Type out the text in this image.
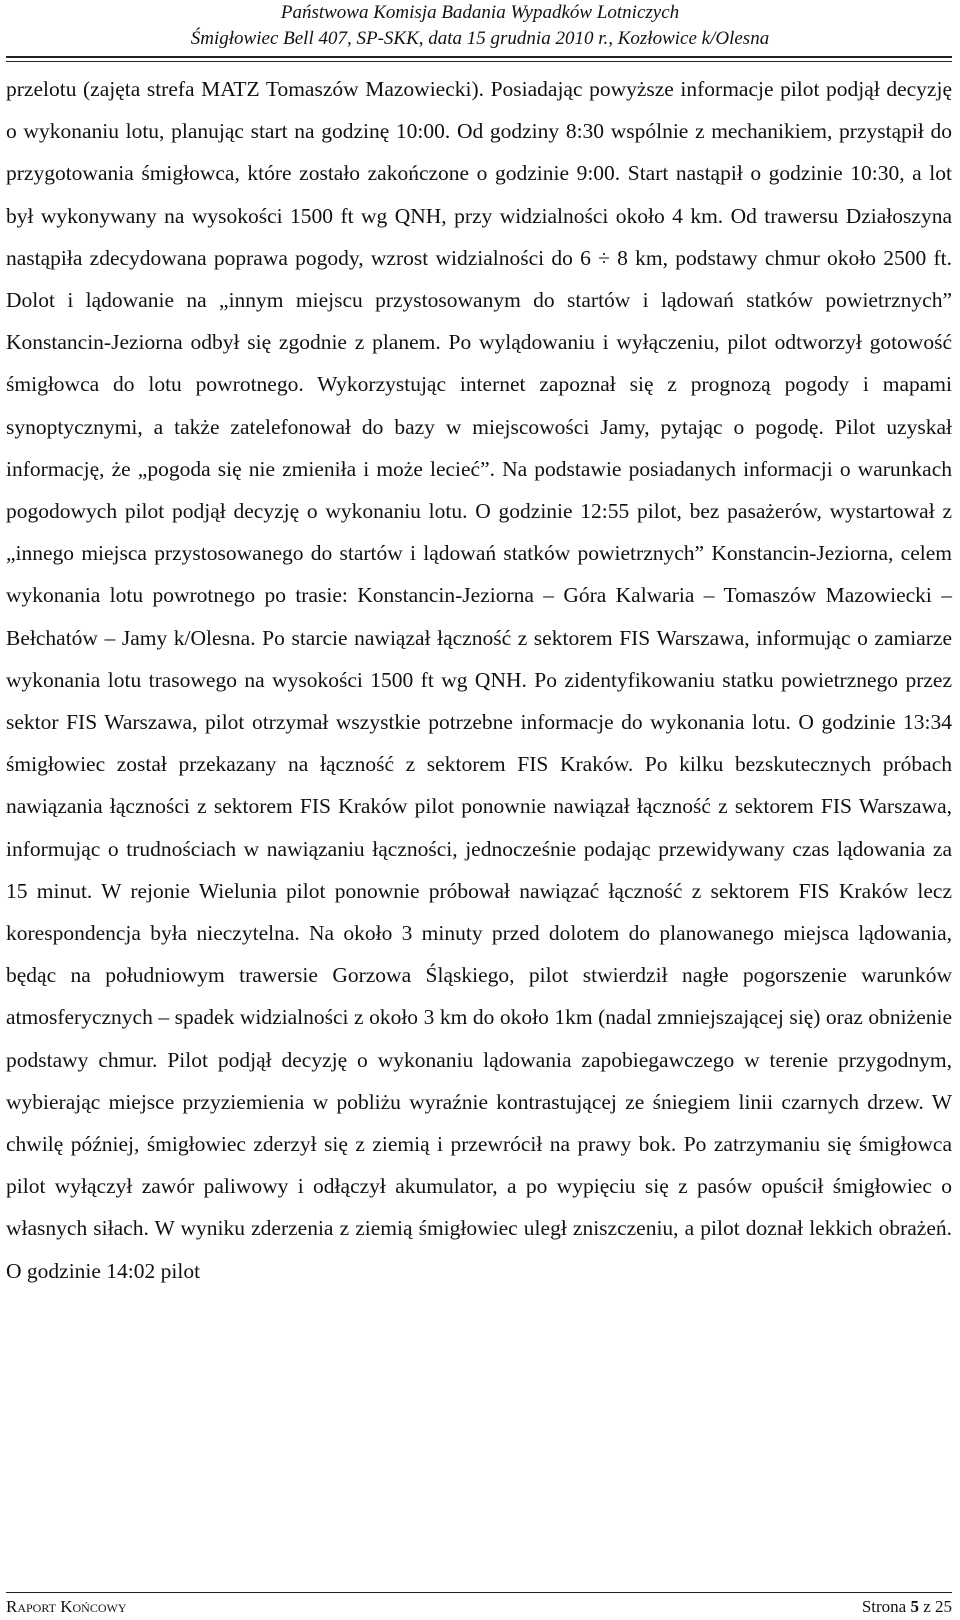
Państwowa Komisja Badania Wypadków Lotniczych
Śmigłowiec Bell 407, SP-SKK, data 15 grudnia 2010 r., Kozłowice k/Olesna

przelotu (zajęta strefa MATZ Tomaszów Mazowiecki). Posiadając powyższe informacje pilot podjął decyzję o wykonaniu lotu, planując start na godzinę 10:00. Od godziny 8:30 wspólnie z mechanikiem, przystąpił do przygotowania śmigłowca, które zostało zakończone o godzinie 9:00. Start nastąpił o godzinie 10:30, a lot był wykonywany na wysokości 1500 ft wg QNH, przy widzialności około 4 km. Od trawersu Działoszyna nastąpiła zdecydowana poprawa pogody, wzrost widzialności do 6 ÷ 8 km, podstawy chmur około 2500 ft. Dolot i lądowanie na „innym miejscu przystosowanym do startów i lądowań statków powietrznych” Konstancin-Jeziorna odbył się zgodnie z planem. Po wylądowaniu i wyłączeniu, pilot odtworzył gotowość śmigłowca do lotu powrotnego. Wykorzystując internet zapoznał się z prognozą pogody i mapami synoptycznymi, a także zatelefonował do bazy w miejscowości Jamy, pytając o pogodę. Pilot uzyskał informację, że „pogoda się nie zmieniła i może lecieć”. Na podstawie posiadanych informacji o warunkach pogodowych pilot podjął decyzję o wykonaniu lotu. O godzinie 12:55 pilot, bez pasażerów, wystartował z „innego miejsca przystosowanego do startów i lądowań statków powietrznych” Konstancin-Jeziorna, celem wykonania lotu powrotnego po trasie: Konstancin-Jeziorna – Góra Kalwaria – Tomaszów Mazowiecki – Bełchatów – Jamy k/Olesna. Po starcie nawiązał łączność z sektorem FIS Warszawa, informując o zamiarze wykonania lotu trasowego na wysokości 1500 ft wg QNH. Po zidentyfikowaniu statku powietrznego przez sektor FIS Warszawa, pilot otrzymał wszystkie potrzebne informacje do wykonania lotu. O godzinie 13:34 śmigłowiec został przekazany na łączność z sektorem FIS Kraków. Po kilku bezskutecznych próbach nawiązania łączności z sektorem FIS Kraków pilot ponownie nawiązał łączność z sektorem FIS Warszawa, informując o trudnościach w nawiązaniu łączności, jednocześnie podając przewidywany czas lądowania za 15 minut. W rejonie Wielunia pilot ponownie próbował nawiązać łączność z sektorem FIS Kraków lecz korespondencja była nieczytelna. Na około 3 minuty przed dolotem do planowanego miejsca lądowania, będąc na południowym trawersie Gorzowa Śląskiego, pilot stwierdził nagłe pogorszenie warunków atmosferycznych – spadek widzialności z około 3 km do około 1km (nadal zmniejszającej się) oraz obniżenie podstawy chmur. Pilot podjął decyzję o wykonaniu lądowania zapobiegawczego w terenie przygodnym, wybierając miejsce przyziemienia w pobliżu wyraźnie kontrastującej ze śniegiem linii czarnych drzew. W chwilę później, śmigłowiec zderzył się z ziemią i przewrócił na prawy bok. Po zatrzymaniu się śmigłowca pilot wyłączył zawór paliwowy i odłączył akumulator, a po wypięciu się z pasów opuścił śmigłowiec o własnych siłach. W wyniku zderzenia z ziemią śmigłowiec uległ zniszczeniu, a pilot doznał lekkich obrażeń. O godzinie 14:02 pilot

Raport Końcowy	Strona 5 z 25
